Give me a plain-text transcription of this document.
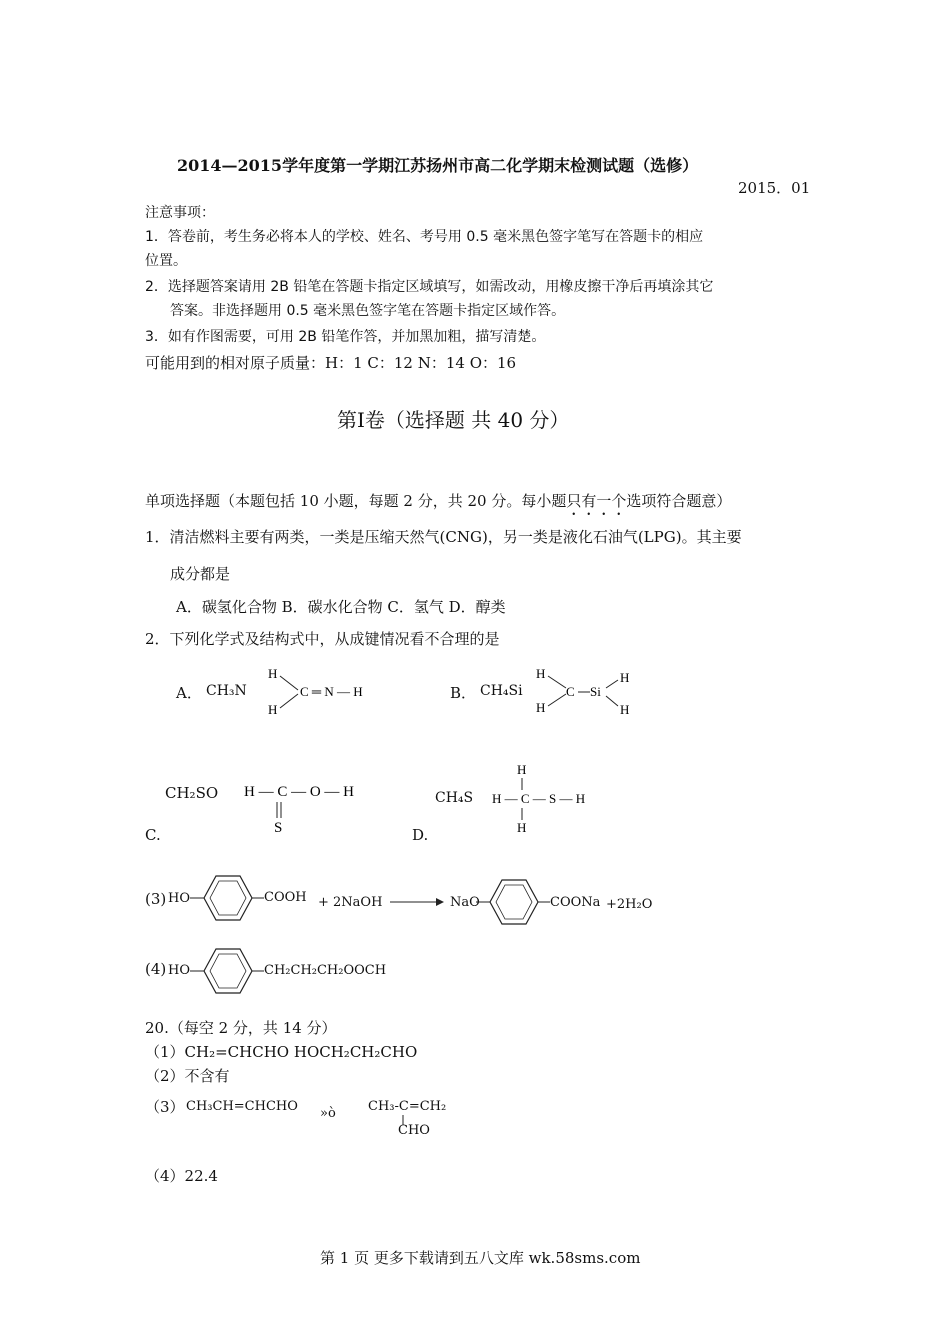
2014—2015学年度第一学期江苏扬州市高二化学期末检测试题（选修）
2015．01
注意事项：
1．答卷前，考生务必将本人的学校、姓名、考号用 0.5 毫米黑色签字笔写在答题卡的相应
位置。
2．选择题答案请用 2B 铅笔在答题卡指定区域填写，如需改动，用橡皮擦干净后再填涂其它
答案。非选择题用 0.5 毫米黑色签字笔在答题卡指定区域作答。
3．如有作图需要，可用 2B 铅笔作答，并加黑加粗，描写清楚。
可能用到的相对原子质量：H：1 C：12 N：14 O：16
第Ⅰ卷（选择题 共 40 分）
单项选择题（本题包括 10 小题，每题 2 分，共 20 分。每小题只有一个选项符合题意）
1．清洁燃料主要有两类，一类是压缩天然气(CNG)，另一类是液化石油气(LPG)。其主要
成分都是
A．碳氢化合物 B．碳水化合物 C．氢气 D．醇类
2．下列化学式及结构式中，从成键情况看不合理的是
A． CH₃N
H
H
C ═ N — H	B． CH₄Si
H
H
C Si
H
H
CH₂SO H — C — O — H
S
C.
CH₄S
H
H — C — S — H
H
D.
(3) HO	COOH + 2NaOH → NaO	COONa +2H₂O
(4) HO	CH₂CH₂CH₂OOCH
20.（每空 2 分，共 14 分）
（1）CH₂=CHCHO HOCH₂CH₂CHO
（2）不含有
（3） CH₃CH=CHCHO »ò CH₃-C=CH₂
CHO
（4）22.4
第 1 页 更多下载请到五八文库 wk.58sms.com
